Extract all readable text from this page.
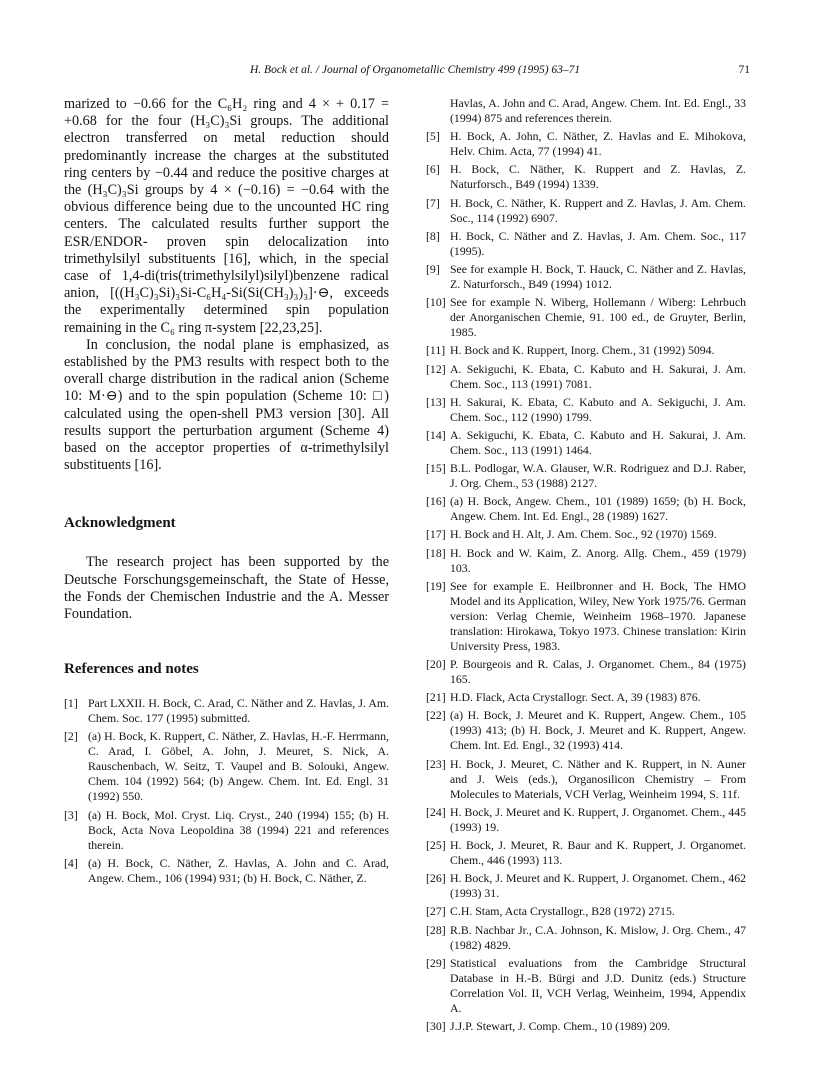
H. Bock et al. / Journal of Organometallic Chemistry 499 (1995) 63–71	71

marized to −0.66 for the C₆H₂ ring and 4 × + 0.17 = +0.68 for the four (H₃C)₃Si groups. The additional electron transferred on metal reduction should predominantly increase the charges at the substituted ring centers by −0.44 and reduce the positive charges at the (H₃C)₃Si groups by 4 × (−0.16) = −0.64 with the obvious difference being due to the uncounted HC ring centers. The calculated results further support the ESR/ENDOR- proven spin delocalization into trimethylsilyl substituents [16], which, in the special case of 1,4-di(tris(trimethylsilyl)silyl)benzene radical anion, [((H₃C)₃Si)₃Si-C₆H₄-Si(Si(CH₃)₃)₃]·⊖, exceeds the experimentally determined spin population remaining in the C₆ ring π-system [22,23,25].

In conclusion, the nodal plane is emphasized, as established by the PM3 results with respect both to the overall charge distribution in the radical anion (Scheme 10: M·⊖) and to the spin population (Scheme 10: □) calculated using the open-shell PM3 version [30]. All results support the perturbation argument (Scheme 4) based on the acceptor properties of α-trimethylsilyl substituents [16].

Acknowledgment

The research project has been supported by the Deutsche Forschungsgemeinschaft, the State of Hesse, the Fonds der Chemischen Industrie and the A. Messer Foundation.

References and notes

[1] Part LXXII. H. Bock, C. Arad, C. Näther and Z. Havlas, J. Am. Chem. Soc. 177 (1995) submitted.

[2] (a) H. Bock, K. Ruppert, C. Näther, Z. Havlas, H.-F. Herrmann, C. Arad, I. Göbel, A. John, J. Meuret, S. Nick, A. Rauschenbach, W. Seitz, T. Vaupel and B. Solouki, Angew. Chem. 104 (1992) 564; (b) Angew. Chem. Int. Ed. Engl. 31 (1992) 550.

[3] (a) H. Bock, Mol. Cryst. Liq. Cryst., 240 (1994) 155; (b) H. Bock, Acta Nova Leopoldina 38 (1994) 221 and references therein.

[4] (a) H. Bock, C. Näther, Z. Havlas, A. John and C. Arad, Angew. Chem., 106 (1994) 931; (b) H. Bock, C. Näther, Z.

Havlas, A. John and C. Arad, Angew. Chem. Int. Ed. Engl., 33 (1994) 875 and references therein.

[5] H. Bock, A. John, C. Näther, Z. Havlas and E. Mihokova, Helv. Chim. Acta, 77 (1994) 41.

[6] H. Bock, C. Näther, K. Ruppert and Z. Havlas, Z. Naturforsch., B49 (1994) 1339.

[7] H. Bock, C. Näther, K. Ruppert and Z. Havlas, J. Am. Chem. Soc., 114 (1992) 6907.

[8] H. Bock, C. Näther and Z. Havlas, J. Am. Chem. Soc., 117 (1995).

[9] See for example H. Bock, T. Hauck, C. Näther and Z. Havlas, Z. Naturforsch., B49 (1994) 1012.

[10] See for example N. Wiberg, Hollemann / Wiberg: Lehrbuch der Anorganischen Chemie, 91. 100 ed., de Gruyter, Berlin, 1985.

[11] H. Bock and K. Ruppert, Inorg. Chem., 31 (1992) 5094.

[12] A. Sekiguchi, K. Ebata, C. Kabuto and H. Sakurai, J. Am. Chem. Soc., 113 (1991) 7081.

[13] H. Sakurai, K. Ebata, C. Kabuto and A. Sekiguchi, J. Am. Chem. Soc., 112 (1990) 1799.

[14] A. Sekiguchi, K. Ebata, C. Kabuto and H. Sakurai, J. Am. Chem. Soc., 113 (1991) 1464.

[15] B.L. Podlogar, W.A. Glauser, W.R. Rodriguez and D.J. Raber, J. Org. Chem., 53 (1988) 2127.

[16] (a) H. Bock, Angew. Chem., 101 (1989) 1659; (b) H. Bock, Angew. Chem. Int. Ed. Engl., 28 (1989) 1627.

[17] H. Bock and H. Alt, J. Am. Chem. Soc., 92 (1970) 1569.

[18] H. Bock and W. Kaim, Z. Anorg. Allg. Chem., 459 (1979) 103.

[19] See for example E. Heilbronner and H. Bock, The HMO Model and its Application, Wiley, New York 1975/76. German version: Verlag Chemie, Weinheim 1968–1970. Japanese translation: Hirokawa, Tokyo 1973. Chinese translation: Kirin University Press, 1983.

[20] P. Bourgeois and R. Calas, J. Organomet. Chem., 84 (1975) 165.

[21] H.D. Flack, Acta Crystallogr. Sect. A, 39 (1983) 876.

[22] (a) H. Bock, J. Meuret and K. Ruppert, Angew. Chem., 105 (1993) 413; (b) H. Bock, J. Meuret and K. Ruppert, Angew. Chem. Int. Ed. Engl., 32 (1993) 414.

[23] H. Bock, J. Meuret, C. Näther and K. Ruppert, in N. Auner and J. Weis (eds.), Organosilicon Chemistry – From Molecules to Materials, VCH Verlag, Weinheim 1994, S. 11f.

[24] H. Bock, J. Meuret and K. Ruppert, J. Organomet. Chem., 445 (1993) 19.

[25] H. Bock, J. Meuret, R. Baur and K. Ruppert, J. Organomet. Chem., 446 (1993) 113.

[26] H. Bock, J. Meuret and K. Ruppert, J. Organomet. Chem., 462 (1993) 31.

[27] C.H. Stam, Acta Crystallogr., B28 (1972) 2715.

[28] R.B. Nachbar Jr., C.A. Johnson, K. Mislow, J. Org. Chem., 47 (1982) 4829.

[29] Statistical evaluations from the Cambridge Structural Database in H.-B. Bürgi and J.D. Dunitz (eds.) Structure Correlation Vol. II, VCH Verlag, Weinheim, 1994, Appendix A.

[30] J.J.P. Stewart, J. Comp. Chem., 10 (1989) 209.
